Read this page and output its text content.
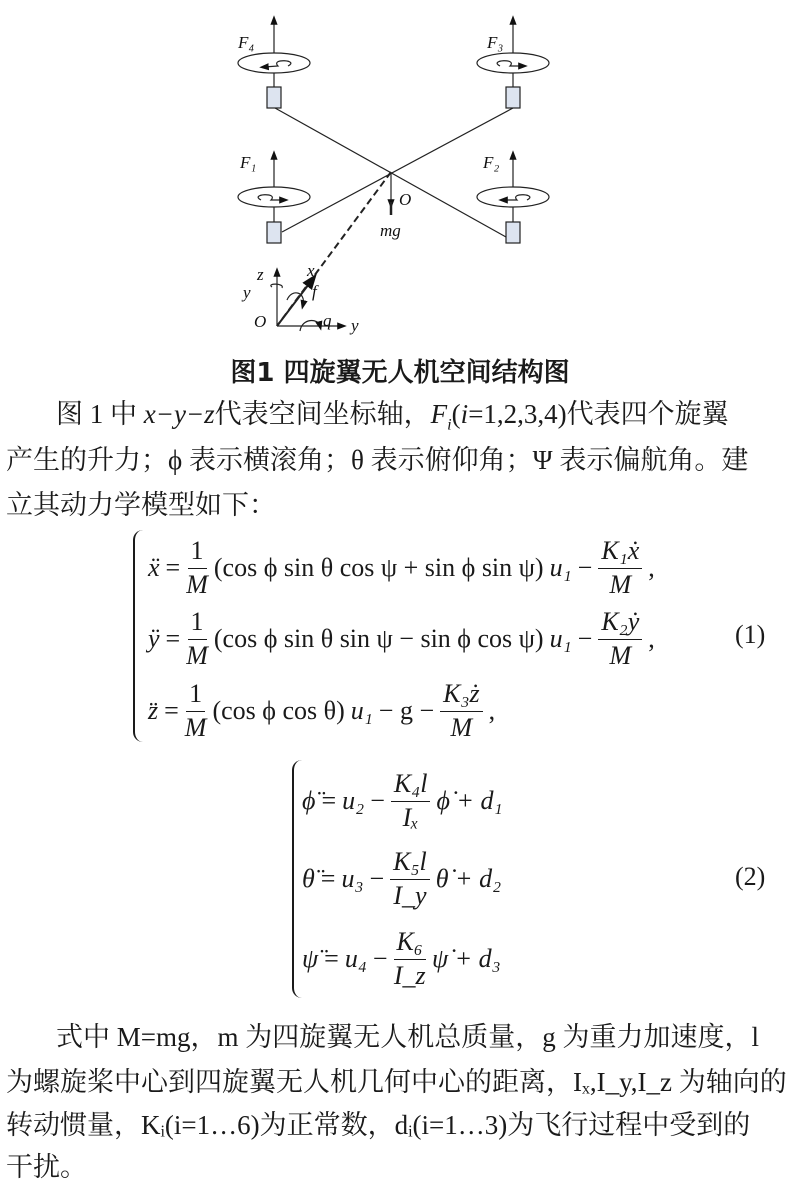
F₄	F₃
F₁	F₂
O
mg
x
z
y	f
O	q y
图1 四旋翼无人机空间结构图
图 1 中 x−y−z代表空间坐标轴，$F_i(i=1,2,3,4)$代表四个旋翼
产生的升力；ϕ 表示横滚角；θ 表示俯仰角；Ψ 表示偏航角。建
立其动力学模型如下：
ẍ = $\frac{1}{M} (\cos$ ϕ sin θ cos ψ + sin ϕ sin ψ) $u_1 - \frac{\text{K₁ẋ}}{M}$ ,
ÿ = $\frac{1}{M} (\cos$ ϕ sin θ sin ψ − sin ϕ cos ψ) $u_1 - \frac{\text{K₂ẏ}}{M}$ ,
z̈ = $\frac{1}{M} (\cos$ ϕ cos θ) $u_1 - g - \frac{\text{K₃ż}}{M}$ ,
(1)
ϕ̈ = $u_2 - \frac{\text{K₄l}}{\text{Iₓ}}$ ϕ̇ + d₁
θ̈ = $u_3 - \frac{\text{K₅l}}{I\_y}$ θ̇ + d₂
ψ̈ = $u_4 - \frac{\text{K₆}}{I\_z}$ ψ̇ + d₃
(2)
式中 M=mg，m 为四旋翼无人机总质量，g 为重力加速度，l
为螺旋桨中心到四旋翼无人机几何中心的距离，Iₓ,I_y,I_z 为轴向的
转动惯量，Kᵢ(i=1…6)为正常数，dᵢ(i=1…3)为飞行过程中受到的
干扰。
